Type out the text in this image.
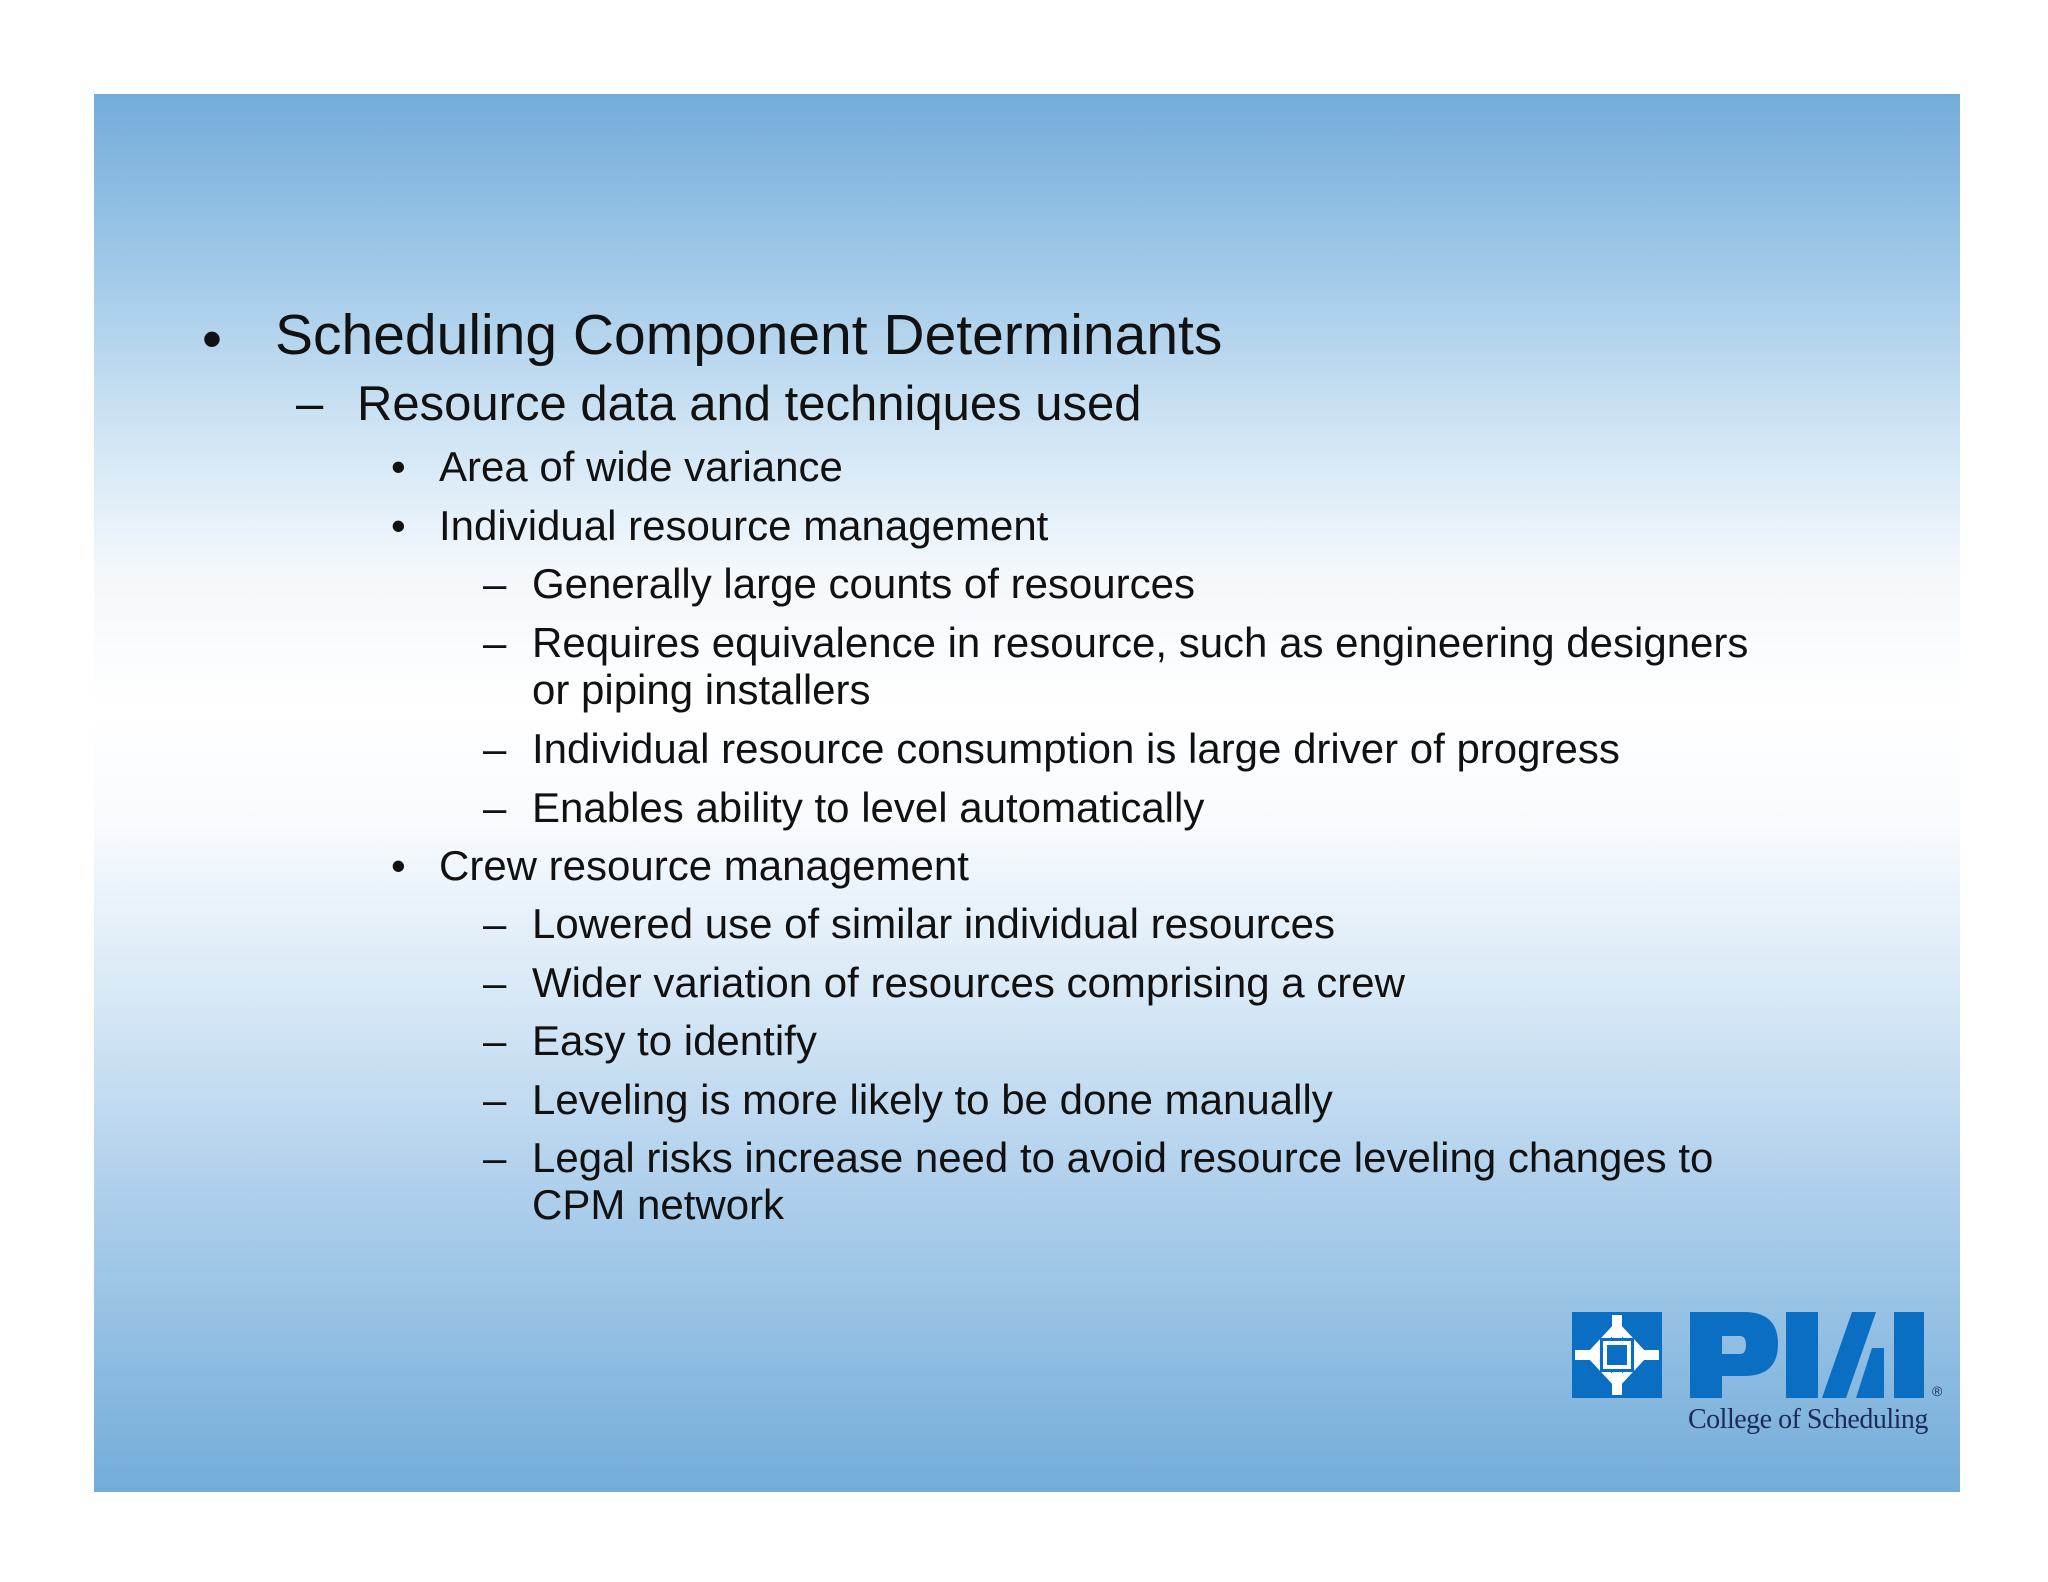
• Scheduling Component Determinants
– Resource data and techniques used
• Area of wide variance
• Individual resource management
– Generally large counts of resources
– Requires equivalence in resource, such as engineering designers
or piping installers
– Individual resource consumption is large driver of progress
– Enables ability to level automatically
• Crew resource management
– Lowered use of similar individual resources
– Wider variation of resources comprising a crew
– Easy to identify
– Leveling is more likely to be done manually
– Legal risks increase need to avoid resource leveling changes to
CPM network
®
College of Scheduling
